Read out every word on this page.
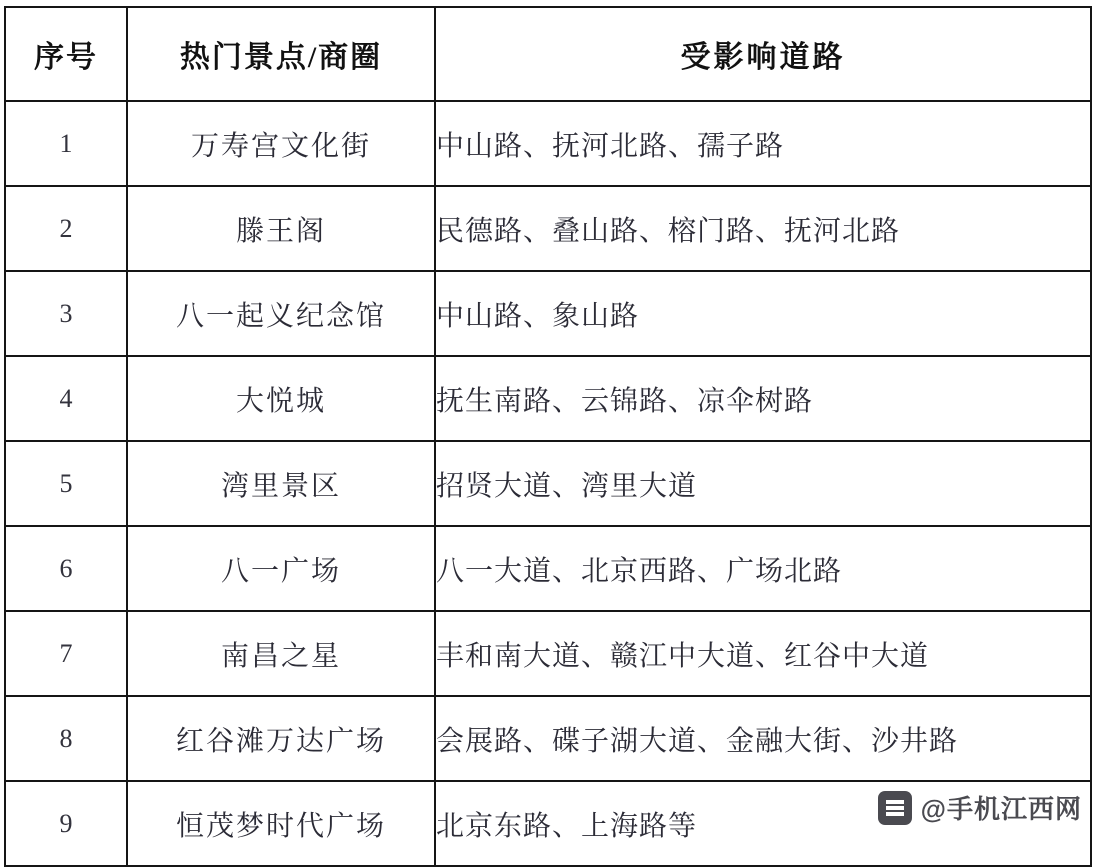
序号	热门景点/商圈	受影响道路
1	万寿宫文化街	中山路、抚河北路、孺子路
2	滕王阁	民德路、叠山路、榕门路、抚河北路
3	八一起义纪念馆	中山路、象山路
4	大悦城	抚生南路、云锦路、凉伞树路
5	湾里景区	招贤大道、湾里大道
6	八一广场	八一大道、北京西路、广场北路
7	南昌之星	丰和南大道、赣江中大道、红谷中大道
8	红谷滩万达广场	会展路、碟子湖大道、金融大街、沙井路
9	恒茂梦时代广场	北京东路、上海路等
@手机江西网
